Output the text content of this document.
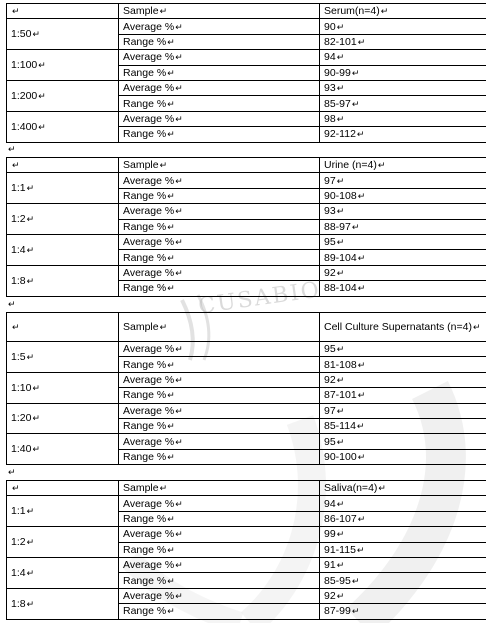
CUSABIO
↵	Sample↵	Serum(n=4)↵
1:50↵	Average %↵	90↵
	Range %↵	82-101↵
1:100↵	Average %↵	94↵
	Range %↵	90-99↵
1:200↵	Average %↵	93↵
	Range %↵	85-97↵
1:400↵	Average %↵	98↵
	Range %↵	92-112↵
↵
↵	Sample↵	Urine (n=4)↵
1:1↵	Average %↵	97↵
	Range %↵	90-108↵
1:2↵	Average %↵	93↵
	Range %↵	88-97↵
1:4↵	Average %↵	95↵
	Range %↵	89-104↵
1:8↵	Average %↵	92↵
	Range %↵	88-104↵
↵
↵	Sample↵	Cell Culture Supernatants (n=4)↵
1:5↵	Average %↵	95↵
	Range %↵	81-108↵
1:10↵	Average %↵	92↵
	Range %↵	87-101↵
1:20↵	Average %↵	97↵
	Range %↵	85-114↵
1:40↵	Average %↵	95↵
	Range %↵	90-100↵
↵
↵	Sample↵	Saliva(n=4)↵
1:1↵	Average %↵	94↵
	Range %↵	86-107↵
1:2↵	Average %↵	99↵
	Range %↵	91-115↵
1:4↵	Average %↵	91↵
	Range %↵	85-95↵
1:8↵	Average %↵	92↵
	Range %↵	87-99↵
